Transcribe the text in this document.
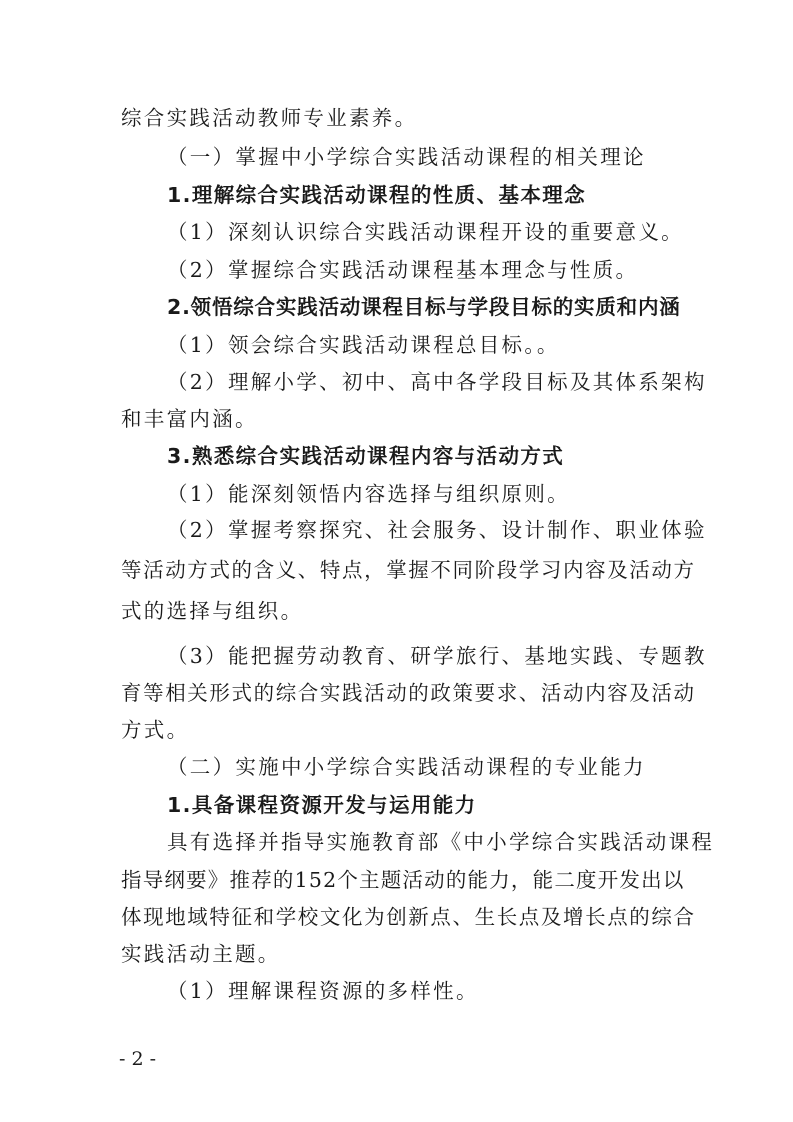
综合实践活动教师专业素养。
（一）掌握中小学综合实践活动课程的相关理论
1.理解综合实践活动课程的性质、基本理念
（1）深刻认识综合实践活动课程开设的重要意义。
（2）掌握综合实践活动课程基本理念与性质。
2.领悟综合实践活动课程目标与学段目标的实质和内涵
（1）领会综合实践活动课程总目标。。
（2）理解小学、初中、高中各学段目标及其体系架构
和丰富内涵。
3.熟悉综合实践活动课程内容与活动方式
（1）能深刻领悟内容选择与组织原则。
（2）掌握考察探究、社会服务、设计制作、职业体验
等活动方式的含义、特点，掌握不同阶段学习内容及活动方
式的选择与组织。
（3）能把握劳动教育、研学旅行、基地实践、专题教
育等相关形式的综合实践活动的政策要求、活动内容及活动
方式。
（二）实施中小学综合实践活动课程的专业能力
1.具备课程资源开发与运用能力
具有选择并指导实施教育部《中小学综合实践活动课程
指导纲要》推荐的152个主题活动的能力，能二度开发出以
体现地域特征和学校文化为创新点、生长点及增长点的综合
实践活动主题。
（1）理解课程资源的多样性。
- 2 -
